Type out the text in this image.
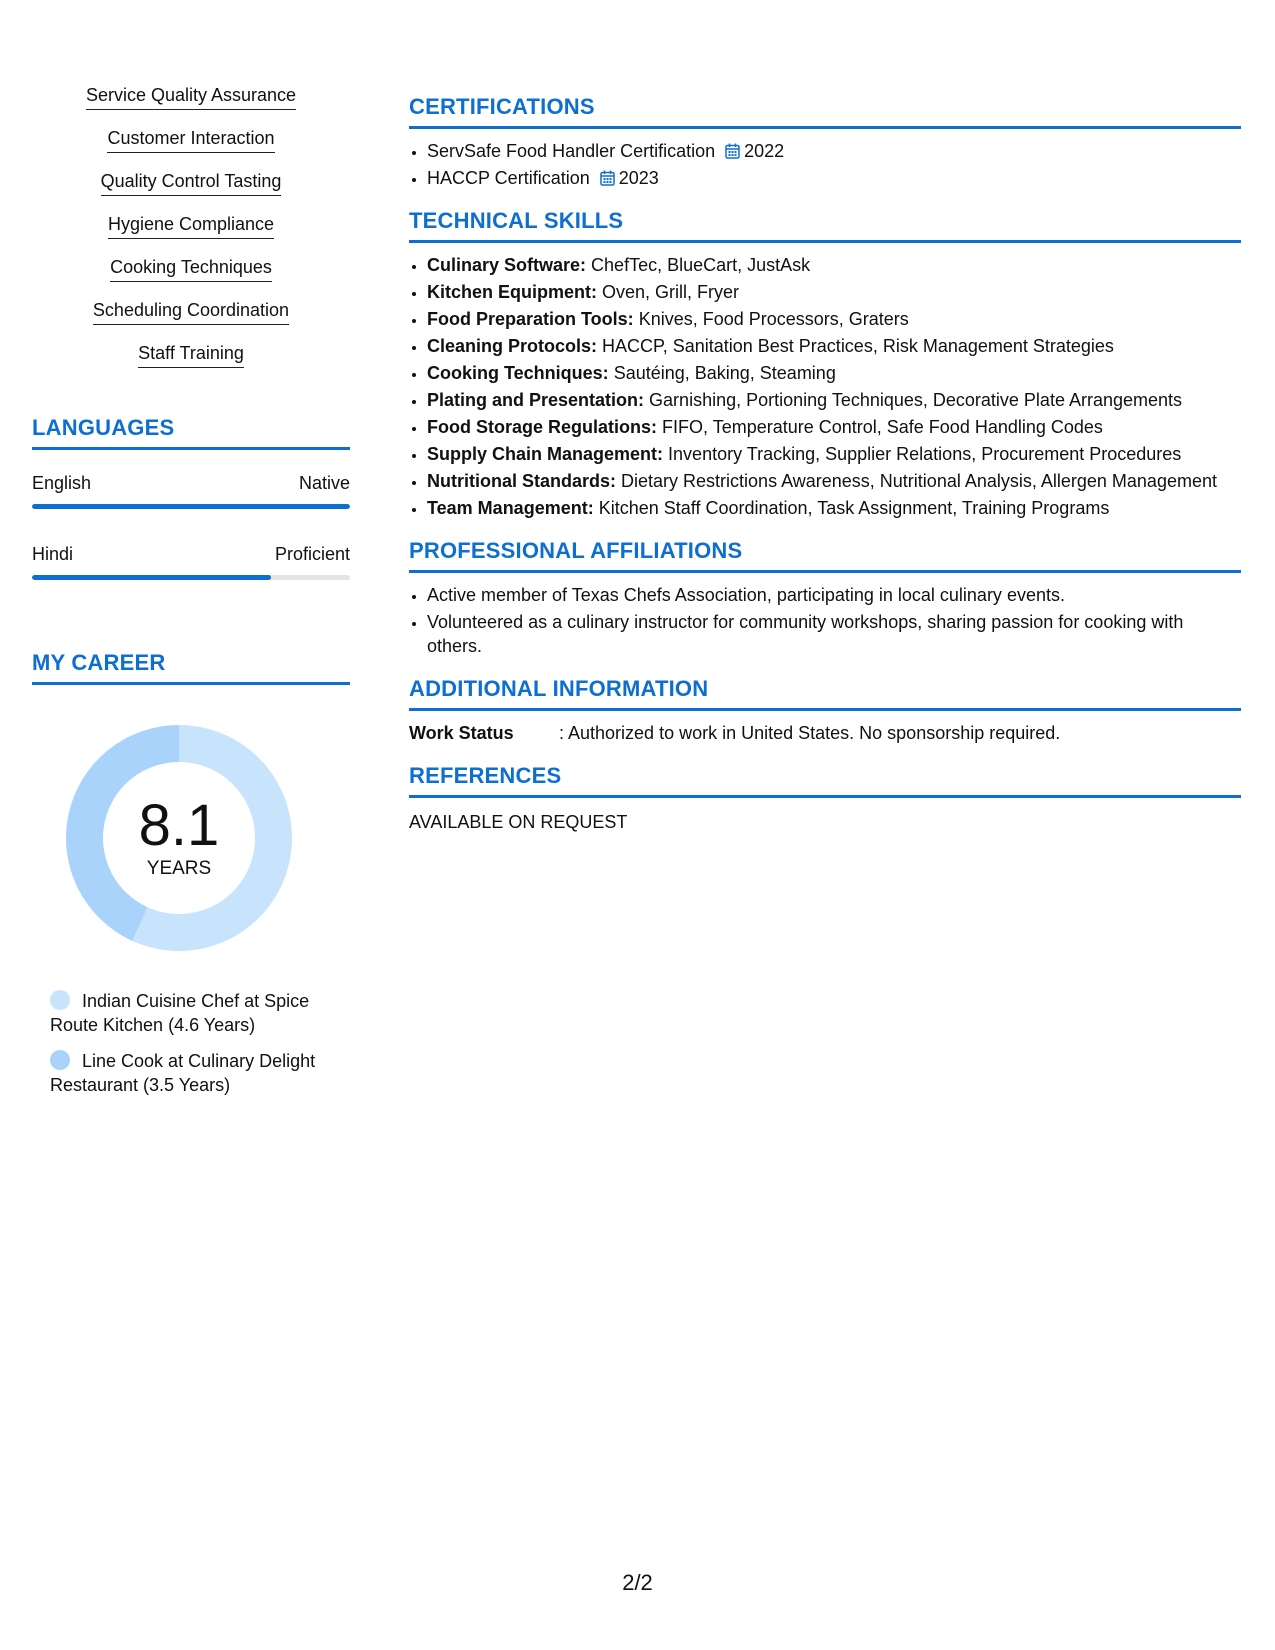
Service Quality Assurance
Customer Interaction
Quality Control Tasting
Hygiene Compliance
Cooking Techniques
Scheduling Coordination
Staff Training
LANGUAGES
English	Native
Hindi	Proficient
MY CAREER
8.1
YEARS
Indian Cuisine Chef at Spice Route Kitchen (4.6 Years)
Line Cook at Culinary Delight Restaurant (3.5 Years)
CERTIFICATIONS
• ServSafe Food Handler Certification 2022
• HACCP Certification 2023
TECHNICAL SKILLS
• Culinary Software: ChefTec, BlueCart, JustAsk
• Kitchen Equipment: Oven, Grill, Fryer
• Food Preparation Tools: Knives, Food Processors, Graters
• Cleaning Protocols: HACCP, Sanitation Best Practices, Risk Management Strategies
• Cooking Techniques: Sautéing, Baking, Steaming
• Plating and Presentation: Garnishing, Portioning Techniques, Decorative Plate Arrangements
• Food Storage Regulations: FIFO, Temperature Control, Safe Food Handling Codes
• Supply Chain Management: Inventory Tracking, Supplier Relations, Procurement Procedures
• Nutritional Standards: Dietary Restrictions Awareness, Nutritional Analysis, Allergen Management
• Team Management: Kitchen Staff Coordination, Task Assignment, Training Programs
PROFESSIONAL AFFILIATIONS
• Active member of Texas Chefs Association, participating in local culinary events.
• Volunteered as a culinary instructor for community workshops, sharing passion for cooking with others.
ADDITIONAL INFORMATION
Work Status	: Authorized to work in United States. No sponsorship required.
REFERENCES
AVAILABLE ON REQUEST
2/2
